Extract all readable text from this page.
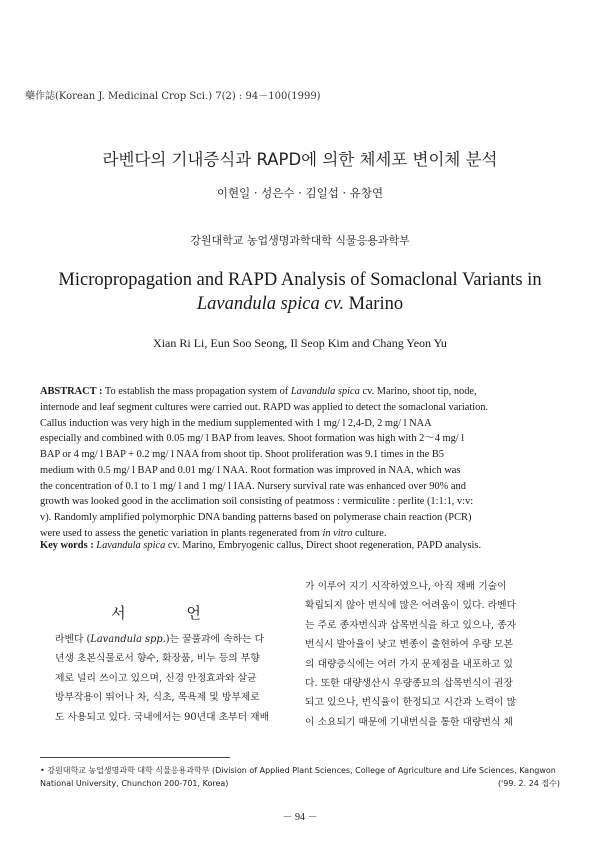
藥作誌(Korean J. Medicinal Crop Sci.) 7(2) : 94－100(1999)
라벤다의 기내증식과 RAPD에 의한 체세포 변이체 분석
이현일 · 성은수 · 김일섭 · 유창연
강원대학교 농업생명과학대학 식물응용과학부
Micropropagation and RAPD Analysis of Somaclonal Variants in
Lavandula spica cv. Marino
Xian Ri Li, Eun Soo Seong, Il Seop Kim and Chang Yeon Yu
ABSTRACT : To establish the mass propagation system of Lavandula spica cv. Marino, shoot tip, node,
internode and leaf segment cultures were carried out. RAPD was applied to detect the somaclonal variation.
Callus induction was very high in the medium supplemented with 1 mg/ l 2,4-D, 2 mg/ l NAA
especially and combined with 0.05 mg/ l BAP from leaves. Shoot formation was high with 2～4 mg/ l
BAP or 4 mg/ l BAP + 0.2 mg/ l NAA from shoot tip. Shoot proliferation was 9.1 times in the B5
medium with 0.5 mg/ l BAP and 0.01 mg/ l NAA. Root formation was improved in NAA, which was
the concentration of 0.1 to 1 mg/ l and 1 mg/ l IAA. Nursery survival rate was enhanced over 90% and
growth was looked good in the acclimation soil consisting of peatmoss : vermiculite : perlite (1:1:1, v:v:
v). Randomly amplified polymorphic DNA banding patterns based on polymerase chain reaction (PCR)
were used to assess the genetic variation in plants regenerated from in vitro culture.
Key words : Lavandula spica cv. Marino, Embryogenic callus, Direct shoot regeneration, PAPD analysis.
서 언
라벤다 (Lavandula spp.)는 꿀풀과에 속하는 다
년생 초본식물로서 향수, 화장품, 비누 등의 부향
제로 널리 쓰이고 있으며, 신경 안정효과와 살균
방부작용이 뛰어나 차, 식초, 목욕제 및 방부제로
도 사용되고 있다. 국내에서는 90년대 초부터 재배
가 이루어 지기 시작하였으나, 아직 재배 기술이
확립되지 않아 번식에 많은 어려움이 있다. 라벤다
는 주로 종자번식과 삽목번식을 하고 있으나, 종자
번식시 발아율이 낮고 변종이 출현하여 우량 모본
의 대량증식에는 여러 가지 문제점을 내포하고 있
다. 또한 대량생산시 우량종묘의 삽목번식이 권장
되고 있으나, 번식율이 한정되고 시간과 노력이 많
이 소요되기 때문에 기내번식을 통한 대량번식 체
• 강원대학교 농업생명과학 대학 식물응용과학부 (Division of Applied Plant Sciences, College of Agriculture and Life Sciences, Kangwon
National University, Chunchon 200-701, Korea)	('99. 2. 24 접수)
－ 94 －
